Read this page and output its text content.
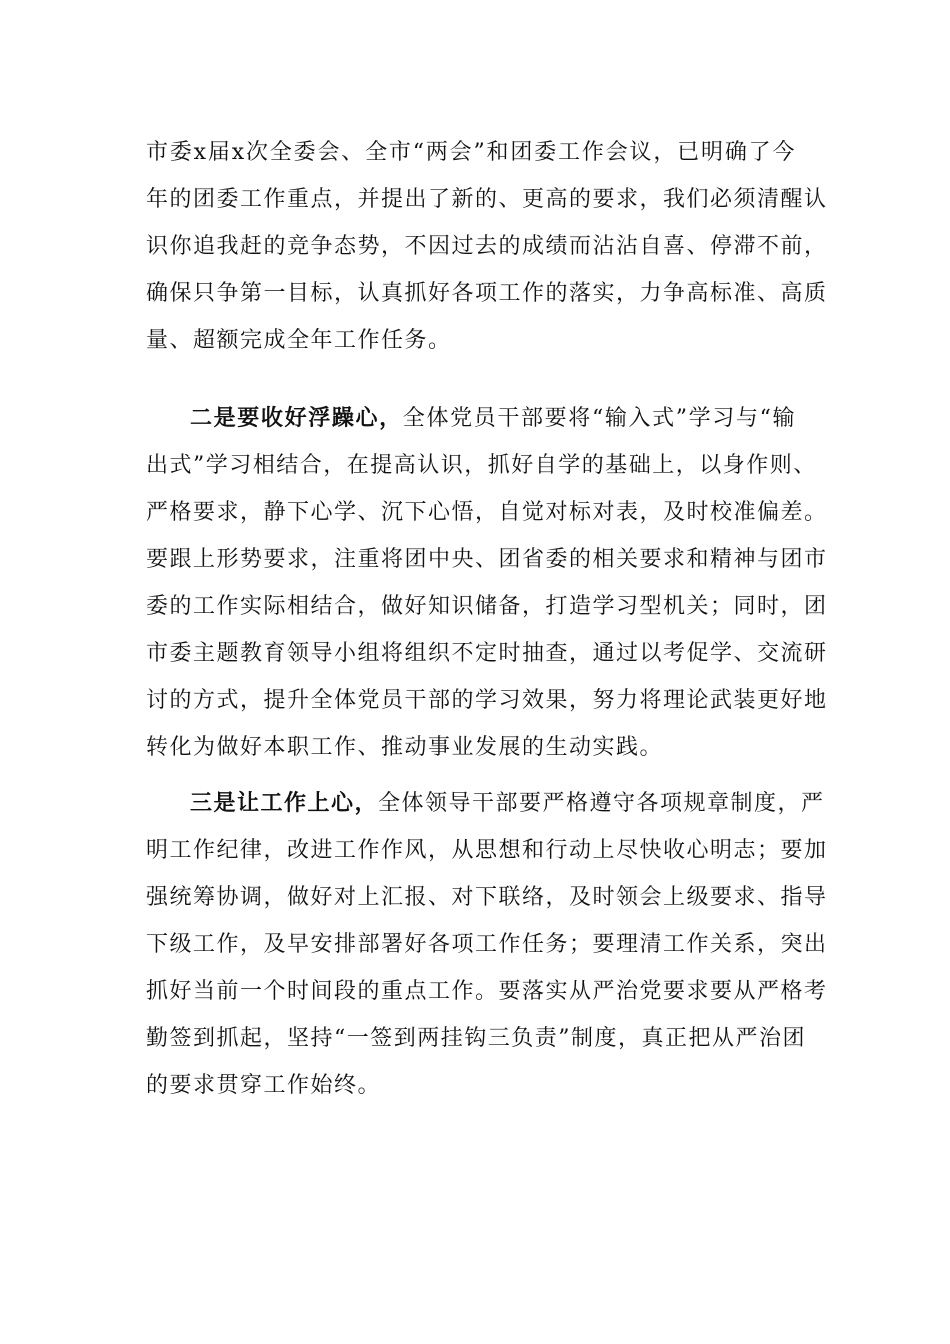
市委x届x次全委会、全市“两会”和团委工作会议，已明确了今
年的团委工作重点，并提出了新的、更高的要求，我们必须清醒认
识你追我赶的竞争态势，不因过去的成绩而沾沾自喜、停滞不前，
确保只争第一目标，认真抓好各项工作的落实，力争高标准、高质
量、超额完成全年工作任务。

二是要收好浮躁心，全体党员干部要将“输入式”学习与“输
出式”学习相结合，在提高认识，抓好自学的基础上，以身作则、
严格要求，静下心学、沉下心悟，自觉对标对表，及时校准偏差。
要跟上形势要求，注重将团中央、团省委的相关要求和精神与团市
委的工作实际相结合，做好知识储备，打造学习型机关；同时，团
市委主题教育领导小组将组织不定时抽查，通过以考促学、交流研
讨的方式，提升全体党员干部的学习效果，努力将理论武装更好地
转化为做好本职工作、推动事业发展的生动实践。

三是让工作上心，全体领导干部要严格遵守各项规章制度，严
明工作纪律，改进工作作风，从思想和行动上尽快收心明志；要加
强统筹协调，做好对上汇报、对下联络，及时领会上级要求、指导
下级工作，及早安排部署好各项工作任务；要理清工作关系，突出
抓好当前一个时间段的重点工作。要落实从严治党要求要从严格考
勤签到抓起，坚持“一签到两挂钩三负责”制度，真正把从严治团
的要求贯穿工作始终。
